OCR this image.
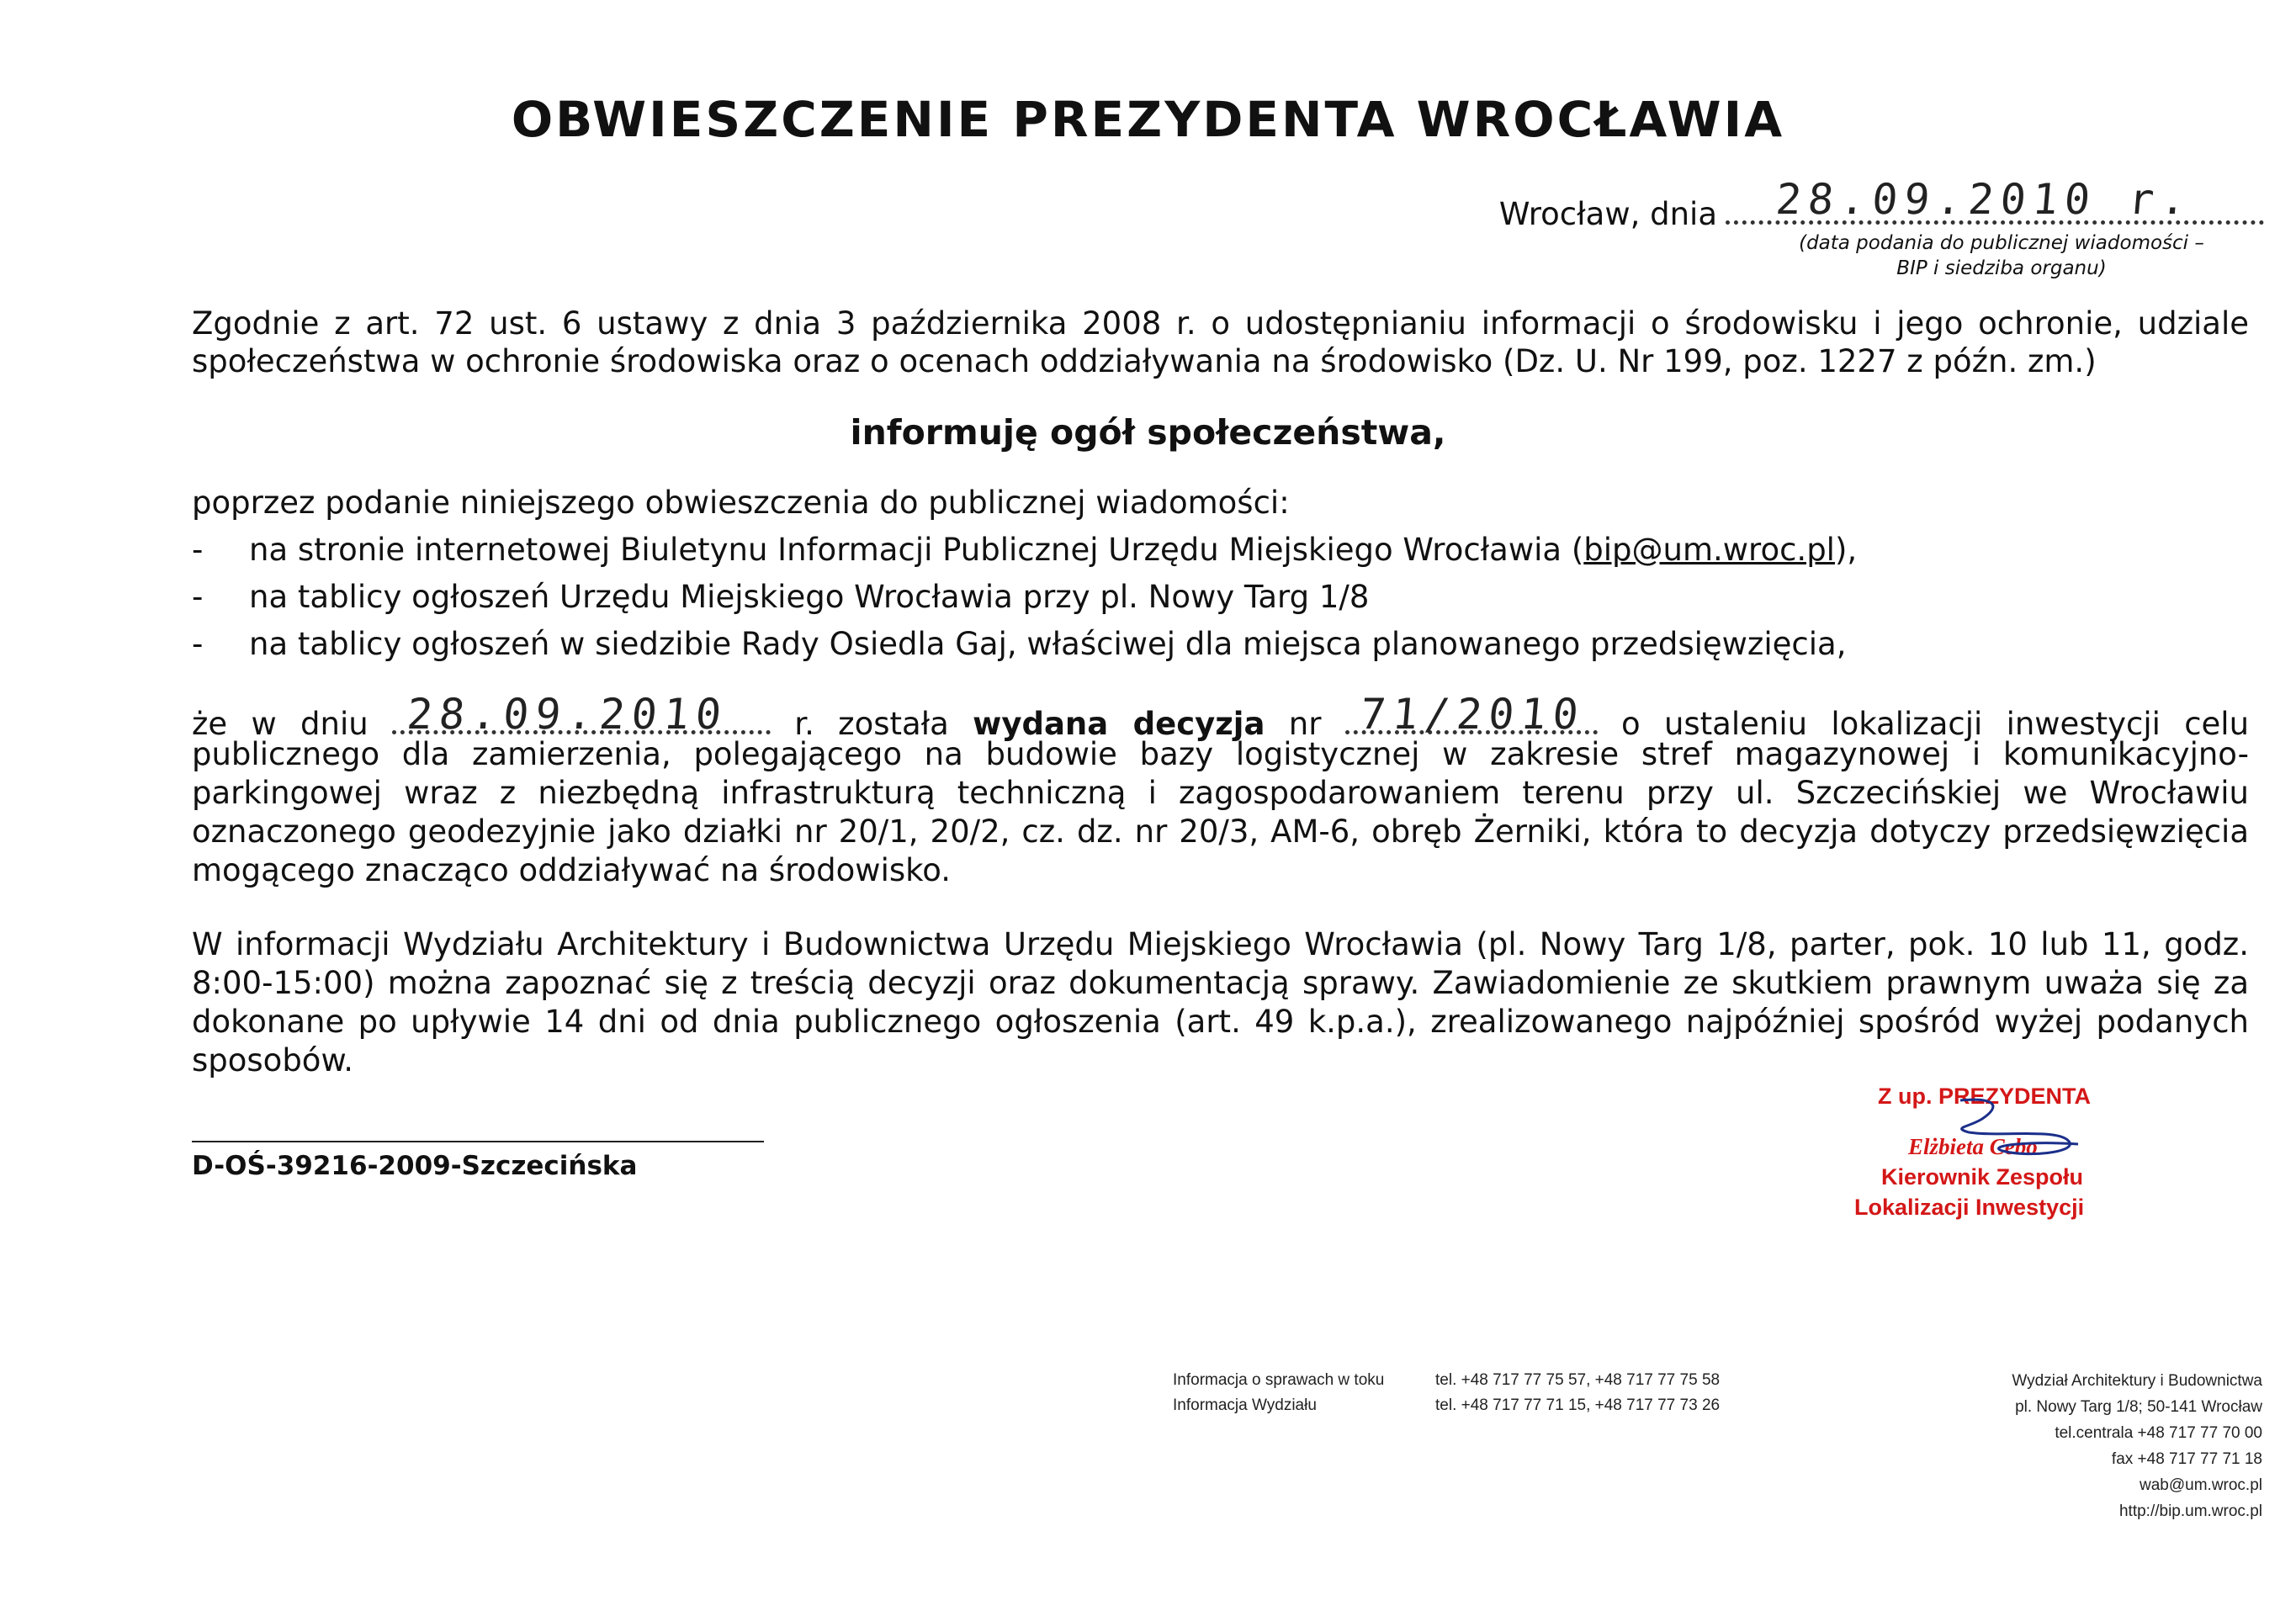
OBWIESZCZENIE PREZYDENTA WROCŁAWIA
Wrocław, dnia 28.09.2010 r.
(data podania do publicznej wiadomości –
BIP i siedziba organu)

Zgodnie z art. 72 ust. 6 ustawy z dnia 3 października 2008 r. o udostępnianiu informacji o środowisku i jego ochronie, udziale społeczeństwa w ochronie środowiska oraz o ocenach oddziaływania na środowisko (Dz. U. Nr 199, poz. 1227 z późn. zm.)

informuję ogół społeczeństwa,

poprzez podanie niniejszego obwieszczenia do publicznej wiadomości:

- na stronie internetowej Biuletynu Informacji Publicznej Urzędu Miejskiego Wrocławia (bip@um.wroc.pl),
- na tablicy ogłoszeń Urzędu Miejskiego Wrocławia przy pl. Nowy Targ 1/8
- na tablicy ogłoszeń w siedzibie Rady Osiedla Gaj, właściwej dla miejsca planowanego przedsięwzięcia,

że w dniu 28.09.2010 r. została wydana decyzja nr 71/2010 o ustaleniu lokalizacji inwestycji celu

publicznego dla zamierzenia, polegającego na budowie bazy logistycznej w zakresie stref magazynowej i komunikacyjno-parkingowej wraz z niezbędną infrastrukturą techniczną i zagospodarowaniem terenu przy ul. Szczecińskiej we Wrocławiu oznaczonego geodezyjnie jako działki nr 20/1, 20/2, cz. dz. nr 20/3, AM-6, obręb Żerniki, która to decyzja dotyczy przedsięwzięcia mogącego znacząco oddziaływać na środowisko.

W informacji Wydziału Architektury i Budownictwa Urzędu Miejskiego Wrocławia (pl. Nowy Targ 1/8, parter, pok. 10 lub 11, godz. 8:00-15:00) można zapoznać się z treścią decyzji oraz dokumentacją sprawy. Zawiadomienie ze skutkiem prawnym uważa się za dokonane po upływie 14 dni od dnia publicznego ogłoszenia (art. 49 k.p.a.), zrealizowanego najpóźniej spośród wyżej podanych sposobów.

Z up. PREZYDENTA
Elżbieta Cebo
Kierownik Zespołu
Lokalizacji Inwestycji
D-OŚ-39216-2009-Szczecińska
Informacja o sprawach w toku	tel. +48 717 77 75 57, +48 717 77 75 58
Informacja Wydziału	tel. +48 717 77 71 15, +48 717 77 73 26
Wydział Architektury i Budownictwa
pl. Nowy Targ 1/8; 50-141 Wrocław
tel.centrala +48 717 77 70 00
fax +48 717 77 71 18
wab@um.wroc.pl
http://bip.um.wroc.pl
